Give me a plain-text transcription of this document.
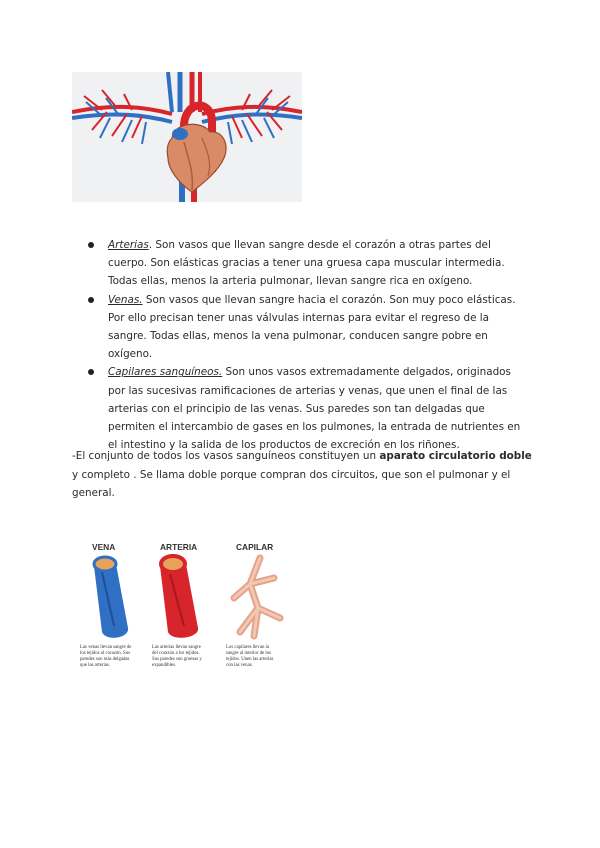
Arterias. Son vasos que llevan sangre desde el corazón a otras partes del cuerpo. Son elásticas gracias a tener una gruesa capa muscular intermedia. Todas ellas, menos la arteria pulmonar, llevan sangre rica en oxígeno.
Venas. Son vasos que llevan sangre hacia el corazón. Son muy poco elásticas. Por ello precisan tener unas válvulas internas para evitar el regreso de la sangre. Todas ellas, menos la vena pulmonar, conducen sangre pobre en oxígeno.
Capilares sanguíneos. Son unos vasos extremadamente delgados, originados por las sucesivas ramificaciones de arterias y venas, que unen el final de las arterias con el principio de las venas. Sus paredes son tan delgadas que permiten el intercambio de gases en los pulmones, la entrada de nutrientes en el intestino y la salida de los productos de excreción en los riñones.

-El conjunto de todos los vasos sanguíneos constituyen un aparato circulatorio doble y completo . Se llama doble porque compran dos circuitos, que son el pulmonar y el general.

VENA	ARTERIA	CAPILAR
Las venas llevan sangre de
los tejidos al corazón. Sus
paredes son más delgadas
que las arterias.
Las arterias llevan sangre
del corazón a los tejidos.
Sus paredes son gruesas y
expandibles.
Los capilares llevan la
sangre al interior de los
tejidos. Unen las arterias
con las venas.
